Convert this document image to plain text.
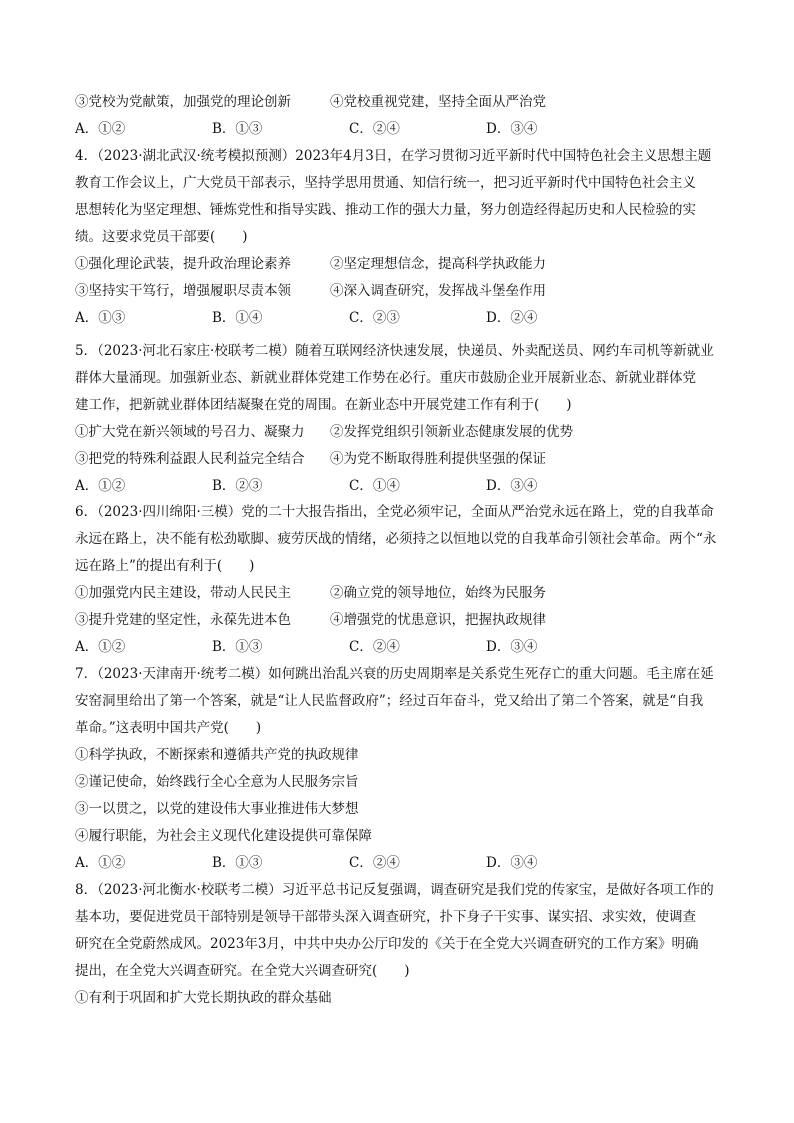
③党校为党献策，加强党的理论创新	④党校重视党建，坚持全面从严治党
A．①②	B．①③	C．②④	D．③④
4．（2023·湖北武汉·统考模拟预测）2023年4月3日，在学习贯彻习近平新时代中国特色社会主义思想主题
教育工作会议上，广大党员干部表示，坚持学思用贯通、知信行统一，把习近平新时代中国特色社会主义
思想转化为坚定理想、锤炼党性和指导实践、推动工作的强大力量，努力创造经得起历史和人民检验的实
绩。这要求党员干部要(　　)
①强化理论武装，提升政治理论素养	②坚定理想信念，提高科学执政能力
③坚持实干笃行，增强履职尽责本领	④深入调查研究，发挥战斗堡垒作用
A．①③	B．①④	C．②③	D．②④
5．（2023·河北石家庄·校联考二模）随着互联网经济快速发展，快递员、外卖配送员、网约车司机等新就业
群体大量涌现。加强新业态、新就业群体党建工作势在必行。重庆市鼓励企业开展新业态、新就业群体党
建工作，把新就业群体团结凝聚在党的周围。在新业态中开展党建工作有利于(　　)
①扩大党在新兴领域的号召力、凝聚力	②发挥党组织引领新业态健康发展的优势
③把党的特殊利益跟人民利益完全结合	④为党不断取得胜利提供坚强的保证
A．①②	B．②③	C．①④	D．③④
6．（2023·四川绵阳·三模）党的二十大报告指出，全党必须牢记，全面从严治党永远在路上，党的自我革命
永远在路上，决不能有松劲歇脚、疲劳厌战的情绪，必须持之以恒地以党的自我革命引领社会革命。两个“永
远在路上”的提出有利于(　　)
①加强党内民主建设，带动人民民主	②确立党的领导地位，始终为民服务
③提升党建的坚定性，永葆先进本色	④增强党的忧患意识，把握执政规律
A．①②	B．①③	C．②④	D．③④
7．（2023·天津南开·统考二模）如何跳出治乱兴衰的历史周期率是关系党生死存亡的重大问题。毛主席在延
安窑洞里给出了第一个答案，就是“让人民监督政府”；经过百年奋斗，党又给出了第二个答案，就是“自我
革命。”这表明中国共产党(　　)
①科学执政，不断探索和遵循共产党的执政规律
②谨记使命，始终践行全心全意为人民服务宗旨
③一以贯之，以党的建设伟大事业推进伟大梦想
④履行职能，为社会主义现代化建设提供可靠保障
A．①②	B．①③	C．②④	D．③④
8．（2023·河北衡水·校联考二模）习近平总书记反复强调，调查研究是我们党的传家宝，是做好各项工作的
基本功，要促进党员干部特别是领导干部带头深入调查研究，扑下身子干实事、谋实招、求实效，使调查
研究在全党蔚然成风。2023年3月，中共中央办公厅印发的《关于在全党大兴调查研究的工作方案》明确
提出，在全党大兴调查研究。在全党大兴调查研究(　　)
①有利于巩固和扩大党长期执政的群众基础
